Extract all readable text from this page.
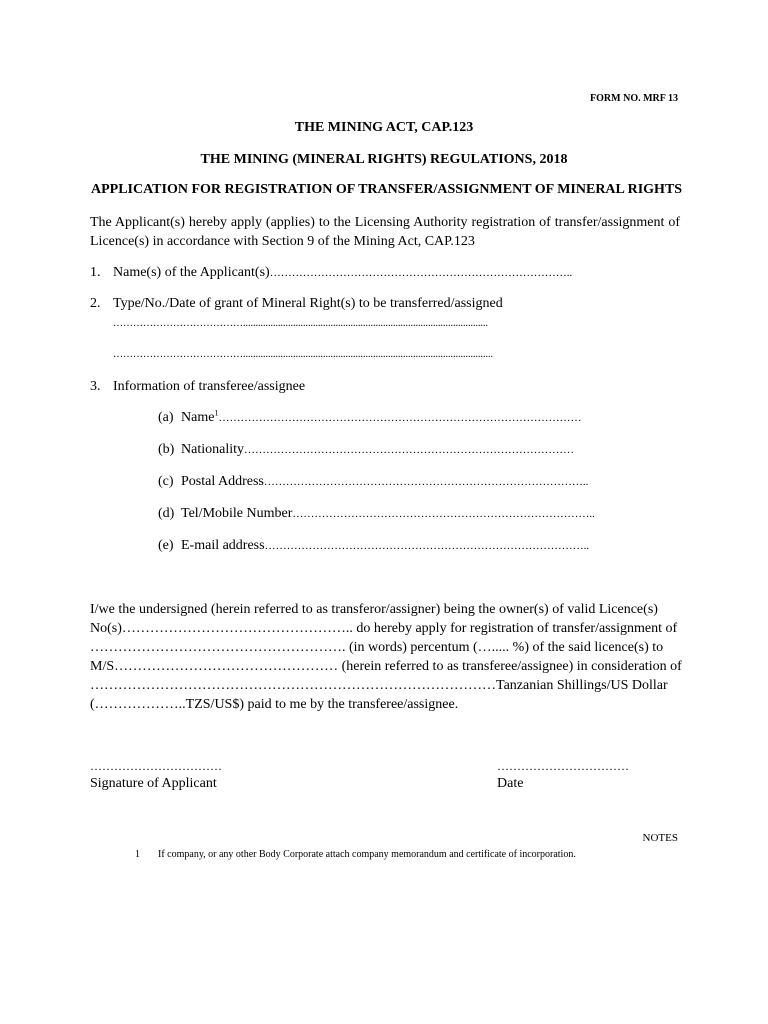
FORM NO. MRF 13
THE MINING ACT, CAP.123
THE MINING (MINERAL RIGHTS) REGULATIONS, 2018
APPLICATION FOR REGISTRATION OF TRANSFER/ASSIGNMENT OF MINERAL RIGHTS
The Applicant(s) hereby apply (applies) to the Licensing Authority registration of transfer/assignment of
Licence(s) in accordance with Section 9 of the Mining Act, CAP.123
1. Name(s) of the Applicant(s)………………………………………………………………………..
2. Type/No./Date of grant of Mineral Right(s) to be transferred/assigned
…………………………………..................................................................................................
…………………………………....................................................................................................
3. Information of transferee/assignee
(a) Name$^1$………………………………………………………………………………………
(b) Nationality………………………………………………………………………………
(c) Postal Address……………………………………………………………………………..
(d) Tel/Mobile Number………………………………………………………………………..
(e) E-mail address……………………………………………………………………………..
I/we the undersigned (herein referred to as transferor/assigner) being the owner(s) of valid Licence(s)
No(s)………………………………………….. do hereby apply for registration of transfer/assignment of
………………………………………………. (in words) percentum (…..... %) of the said licence(s) to
M/S………………………………………… (herein referred to as transferee/assignee) in consideration of
……………………………………………………………………………Tanzanian Shillings/US Dollar
(………………..TZS/US$) paid to me by the transferee/assignee.
……………………………
Signature of Applicant
……………………………
Date
NOTES
1 If company, or any other Body Corporate attach company memorandum and certificate of incorporation.
